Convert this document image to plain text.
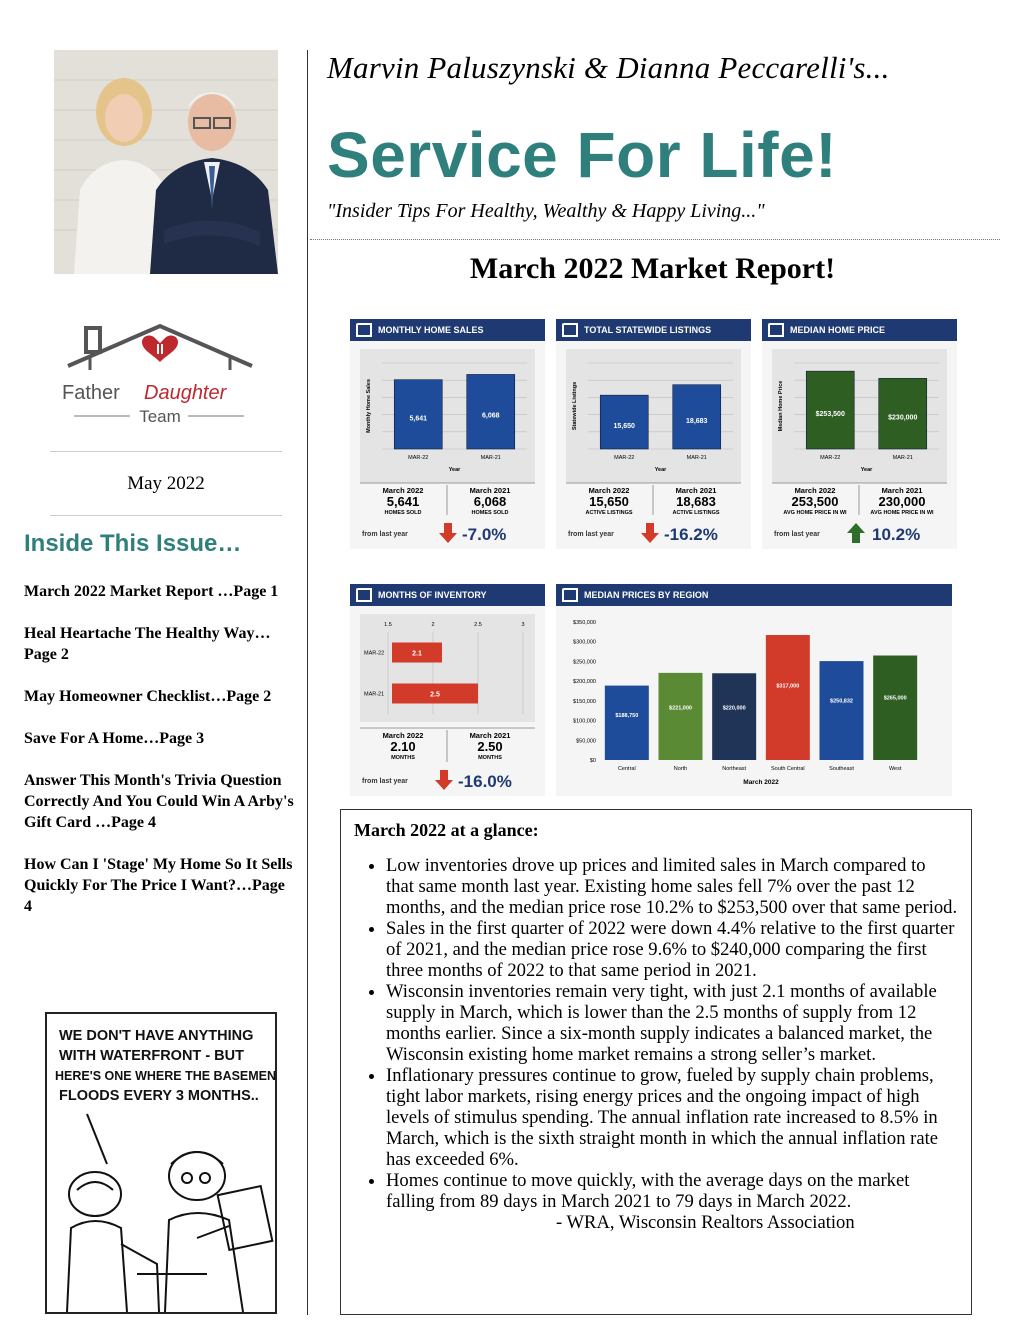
Father Daughter
Team
May 2022
Inside This Issue…
March 2022 Market Report …Page 1
Heal Heartache The Healthy Way…Page 2
May Homeowner Checklist…Page 2
Save For A Home…Page 3
Answer This Month's Trivia Question Correctly And You Could Win A Arby's Gift Card …Page 4
How Can I 'Stage' My Home So It Sells Quickly For The Price I Want?…Page 4
WE DON'T HAVE ANYTHING
WITH WATERFRONT - BUT
HERE'S ONE WHERE THE BASEMENT
FLOODS EVERY 3 MONTHS..
Marvin Paluszynski & Dianna Peccarelli's...
Service For Life!
"Insider Tips For Healthy, Wealthy & Happy Living..."
March 2022 Market Report!
MONTHLY HOME SALES
Monthly Home Sales	5,641
MAR-22
6,068
MAR-21
Year
March 2022
5,641
HOMES SOLD
March 2021
6,068
HOMES SOLD
from last year	-7.0%
TOTAL STATEWIDE LISTINGS
Statewide Listings	15,650
MAR-22
18,683
MAR-21
Year
March 2022
15,650
ACTIVE LISTINGS
March 2021
18,683
ACTIVE LISTINGS
from last year	-16.2%
MEDIAN HOME PRICE
Median Home Price	$253,500
MAR-22
$230,000
MAR-21
Year
March 2022
253,500
AVG HOME PRICE IN WI
March 2021
230,000
AVG HOME PRICE IN WI
from last year	10.2%
MONTHS OF INVENTORY
1.5	2	2.5	3
2.1
MAR-22
2.5
MAR-21
March 2022
2.10
MONTHS
March 2021
2.50
MONTHS
from last year	-16.0%
MEDIAN PRICES BY REGION
$0
$50,000
$100,000
$150,000
$200,000
$250,000
$300,000
$350,000
$188,750
Central
$221,000
North
$220,000
Northeast
$317,000
South Central
$250,832
Southeast
$265,000
West
March 2022
March 2022 at a glance:
• Low inventories drove up prices and limited sales in March compared to that same month last year. Existing home sales fell 7% over the past 12 months, and the median price rose 10.2% to $253,500 over that same period.
• Sales in the first quarter of 2022 were down 4.4% relative to the first quarter of 2021, and the median price rose 9.6% to $240,000 comparing the first three months of 2022 to that same period in 2021.
• Wisconsin inventories remain very tight, with just 2.1 months of available supply in March, which is lower than the 2.5 months of supply from 12 months earlier. Since a six-month supply indicates a balanced market, the Wisconsin existing home market remains a strong seller’s market.
• Inflationary pressures continue to grow, fueled by supply chain problems, tight labor markets, rising energy prices and the ongoing impact of high levels of stimulus spending. The annual inflation rate increased to 8.5% in March, which is the sixth straight month in which the annual inflation rate has exceeded 6%.
• Homes continue to move quickly, with the average days on the market falling from 89 days in March 2021 to 79 days in March 2022.- WRA, Wisconsin Realtors Association
